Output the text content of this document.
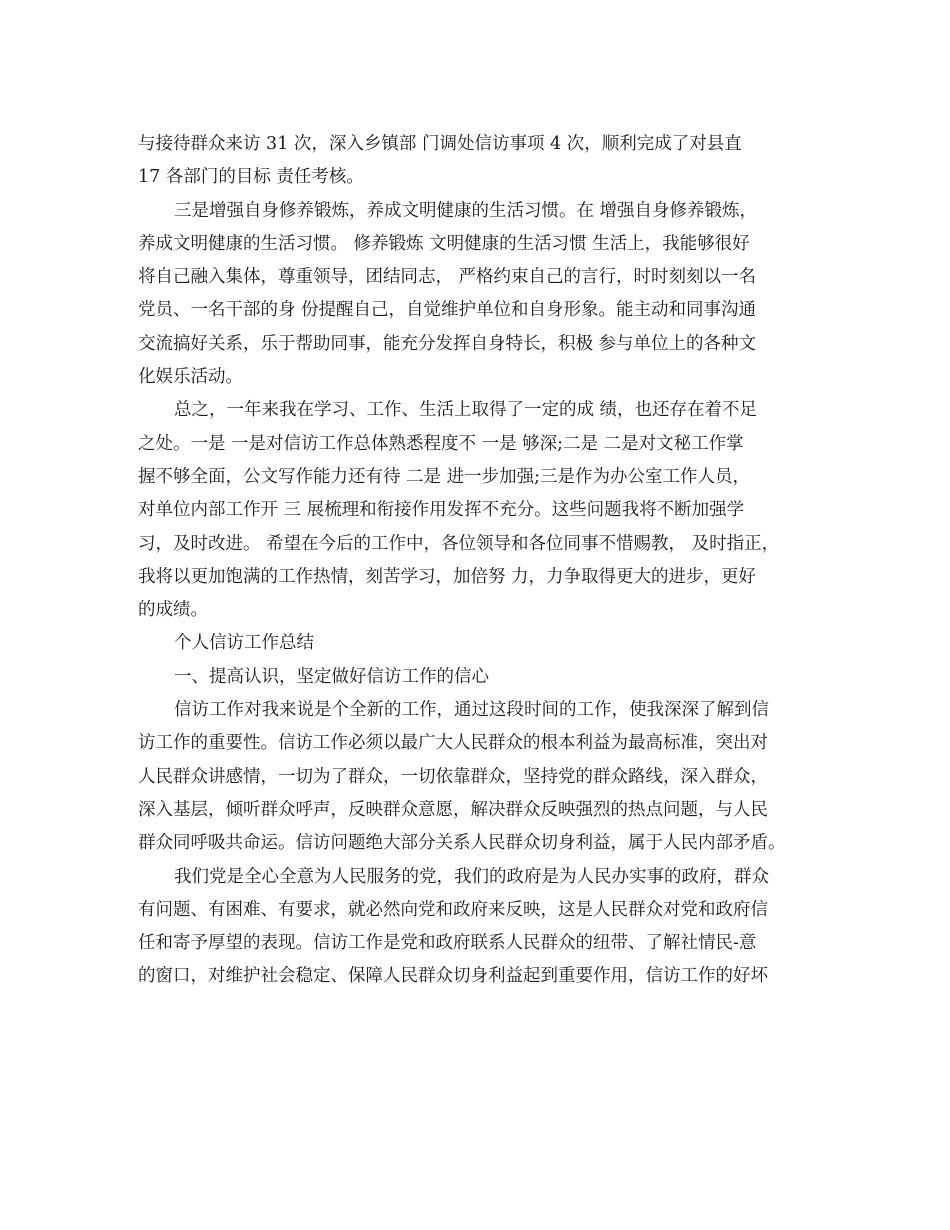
与接待群众来访 31 次，深入乡镇部 门调处信访事项 4 次，顺利完成了对县直
17 各部门的目标 责任考核。
三是增强自身修养锻炼，养成文明健康的生活习惯。在 增强自身修养锻炼，
养成文明健康的生活习惯。 修养锻炼 文明健康的生活习惯 生活上，我能够很好
将自己融入集体，尊重领导，团结同志， 严格约束自己的言行，时时刻刻以一名
党员、一名干部的身 份提醒自己，自觉维护单位和自身形象。能主动和同事沟通
交流搞好关系，乐于帮助同事，能充分发挥自身特长，积极 参与单位上的各种文
化娱乐活动。
总之，一年来我在学习、工作、生活上取得了一定的成 绩，也还存在着不足
之处。一是 一是对信访工作总体熟悉程度不 一是 够深;二是 二是对文秘工作掌
握不够全面，公文写作能力还有待 二是 进一步加强;三是作为办公室工作人员，
对单位内部工作开 三 展梳理和衔接作用发挥不充分。这些问题我将不断加强学
习，及时改进。 希望在今后的工作中，各位领导和各位同事不惜赐教， 及时指正，
我将以更加饱满的工作热情，刻苦学习，加倍努 力，力争取得更大的进步，更好
的成绩。
个人信访工作总结
一、提高认识，坚定做好信访工作的信心
信访工作对我来说是个全新的工作，通过这段时间的工作，使我深深了解到信
访工作的重要性。信访工作必须以最广大人民群众的根本利益为最高标准，突出对
人民群众讲感情，一切为了群众，一切依靠群众，坚持党的群众路线，深入群众，
深入基层，倾听群众呼声，反映群众意愿，解决群众反映强烈的热点问题，与人民
群众同呼吸共命运。信访问题绝大部分关系人民群众切身利益，属于人民内部矛盾。
我们党是全心全意为人民服务的党，我们的政府是为人民办实事的政府，群众
有问题、有困难、有要求，就必然向党和政府来反映，这是人民群众对党和政府信
任和寄予厚望的表现。信访工作是党和政府联系人民群众的纽带、了解社情民-意
的窗口，对维护社会稳定、保障人民群众切身利益起到重要作用，信访工作的好坏
